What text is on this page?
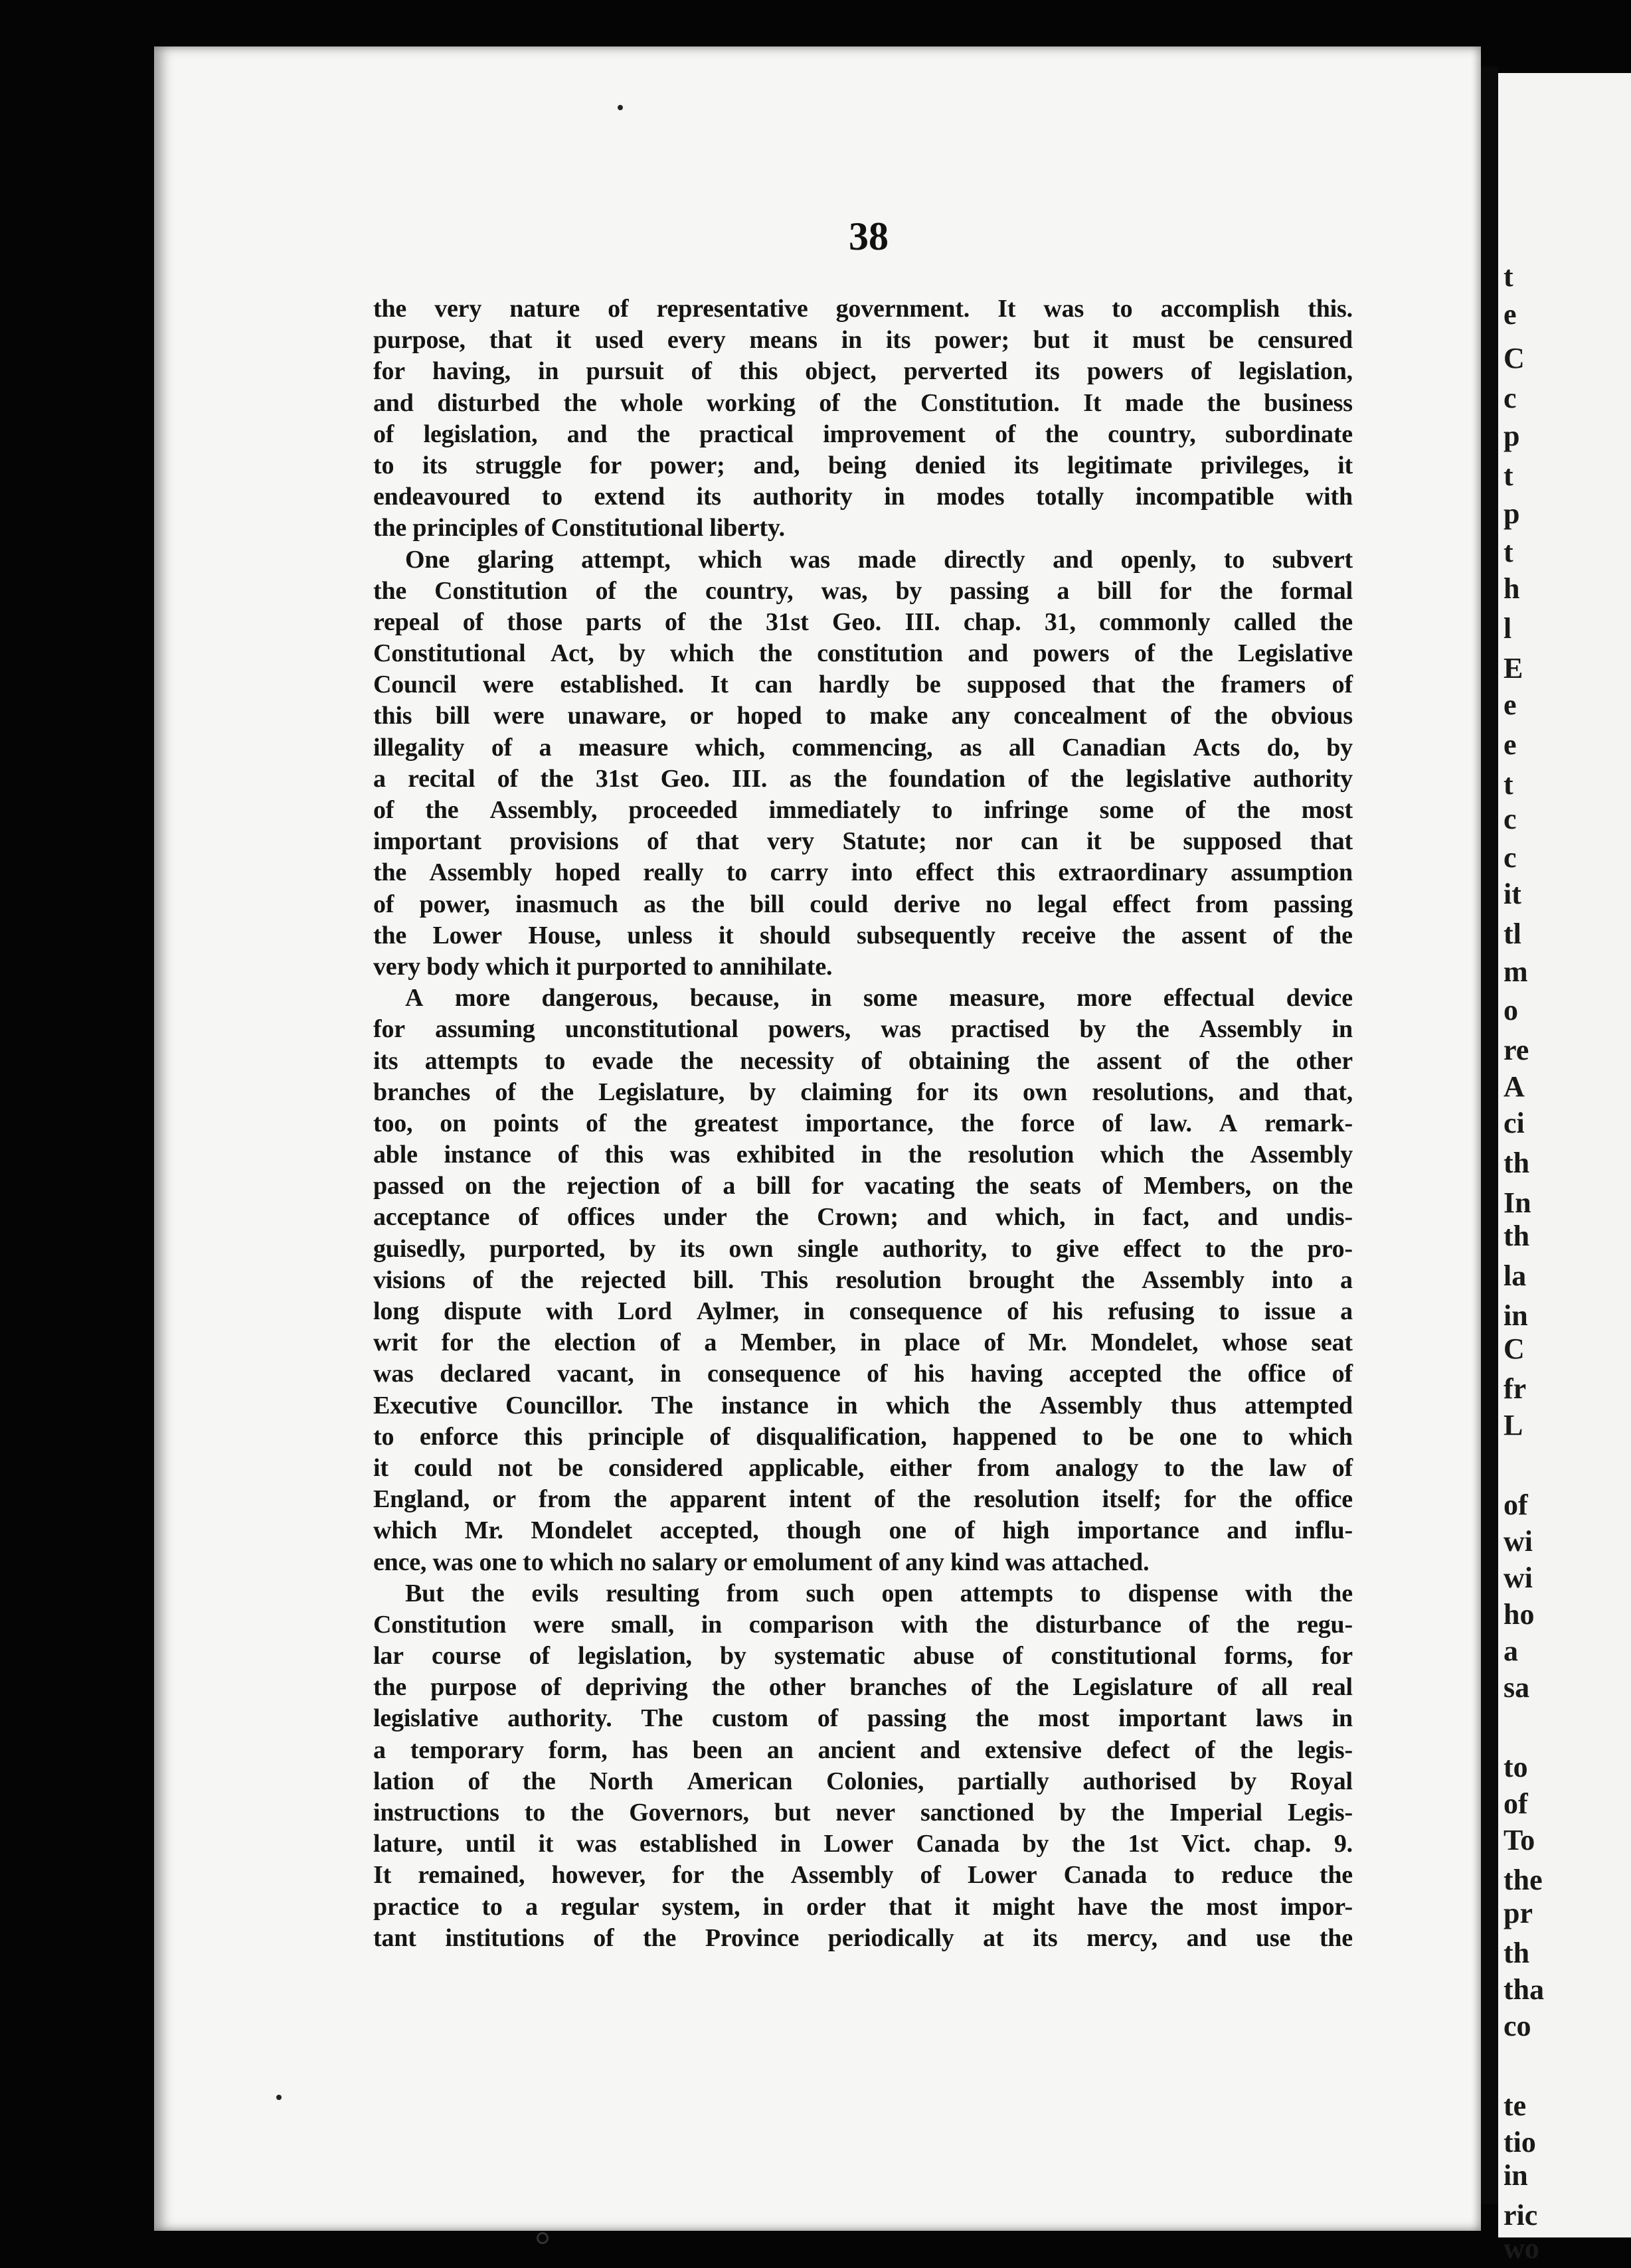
t
e
C
c
p
t
p
t
h
l
E
e
e
t
c
c
it
tl
m
o
re
A
ci
th
In
th
la
in
C
fr
L
of
wi
wi
ho
a
sa
to
of
To
the
pr
th
tha
co
te
tio
in
ric
wo
38
the very nature of representative government. It was to accomplish this.
purpose, that it used every means in its power; but it must be censured
for having, in pursuit of this object, perverted its powers of legislation,
and disturbed the whole working of the Constitution. It made the business
of legislation, and the practical improvement of the country, subordinate
to its struggle for power; and, being denied its legitimate privileges, it
endeavoured to extend its authority in modes totally incompatible with
the principles of Constitutional liberty.
One glaring attempt, which was made directly and openly, to subvert
the Constitution of the country, was, by passing a bill for the formal
repeal of those parts of the 31st Geo. III. chap. 31, commonly called the
Constitutional Act, by which the constitution and powers of the Legislative
Council were established. It can hardly be supposed that the framers of
this bill were unaware, or hoped to make any concealment of the obvious
illegality of a measure which, commencing, as all Canadian Acts do, by
a recital of the 31st Geo. III. as the foundation of the legislative authority
of the Assembly, proceeded immediately to infringe some of the most
important provisions of that very Statute; nor can it be supposed that
the Assembly hoped really to carry into effect this extraordinary assumption
of power, inasmuch as the bill could derive no legal effect from passing
the Lower House, unless it should subsequently receive the assent of the
very body which it purported to annihilate.
A more dangerous, because, in some measure, more effectual device
for assuming unconstitutional powers, was practised by the Assembly in
its attempts to evade the necessity of obtaining the assent of the other
branches of the Legislature, by claiming for its own resolutions, and that,
too, on points of the greatest importance, the force of law. A remark-
able instance of this was exhibited in the resolution which the Assembly
passed on the rejection of a bill for vacating the seats of Members, on the
acceptance of offices under the Crown; and which, in fact, and undis-
guisedly, purported, by its own single authority, to give effect to the pro-
visions of the rejected bill. This resolution brought the Assembly into a
long dispute with Lord Aylmer, in consequence of his refusing to issue a
writ for the election of a Member, in place of Mr. Mondelet, whose seat
was declared vacant, in consequence of his having accepted the office of
Executive Councillor. The instance in which the Assembly thus attempted
to enforce this principle of disqualification, happened to be one to which
it could not be considered applicable, either from analogy to the law of
England, or from the apparent intent of the resolution itself; for the office
which Mr. Mondelet accepted, though one of high importance and influ-
ence, was one to which no salary or emolument of any kind was attached.
But the evils resulting from such open attempts to dispense with the
Constitution were small, in comparison with the disturbance of the regu-
lar course of legislation, by systematic abuse of constitutional forms, for
the purpose of depriving the other branches of the Legislature of all real
legislative authority. The custom of passing the most important laws in
a temporary form, has been an ancient and extensive defect of the legis-
lation of the North American Colonies, partially authorised by Royal
instructions to the Governors, but never sanctioned by the Imperial Legis-
lature, until it was established in Lower Canada by the 1st Vict. chap. 9.
It remained, however, for the Assembly of Lower Canada to reduce the
practice to a regular system, in order that it might have the most impor-
tant institutions of the Province periodically at its mercy, and use the
